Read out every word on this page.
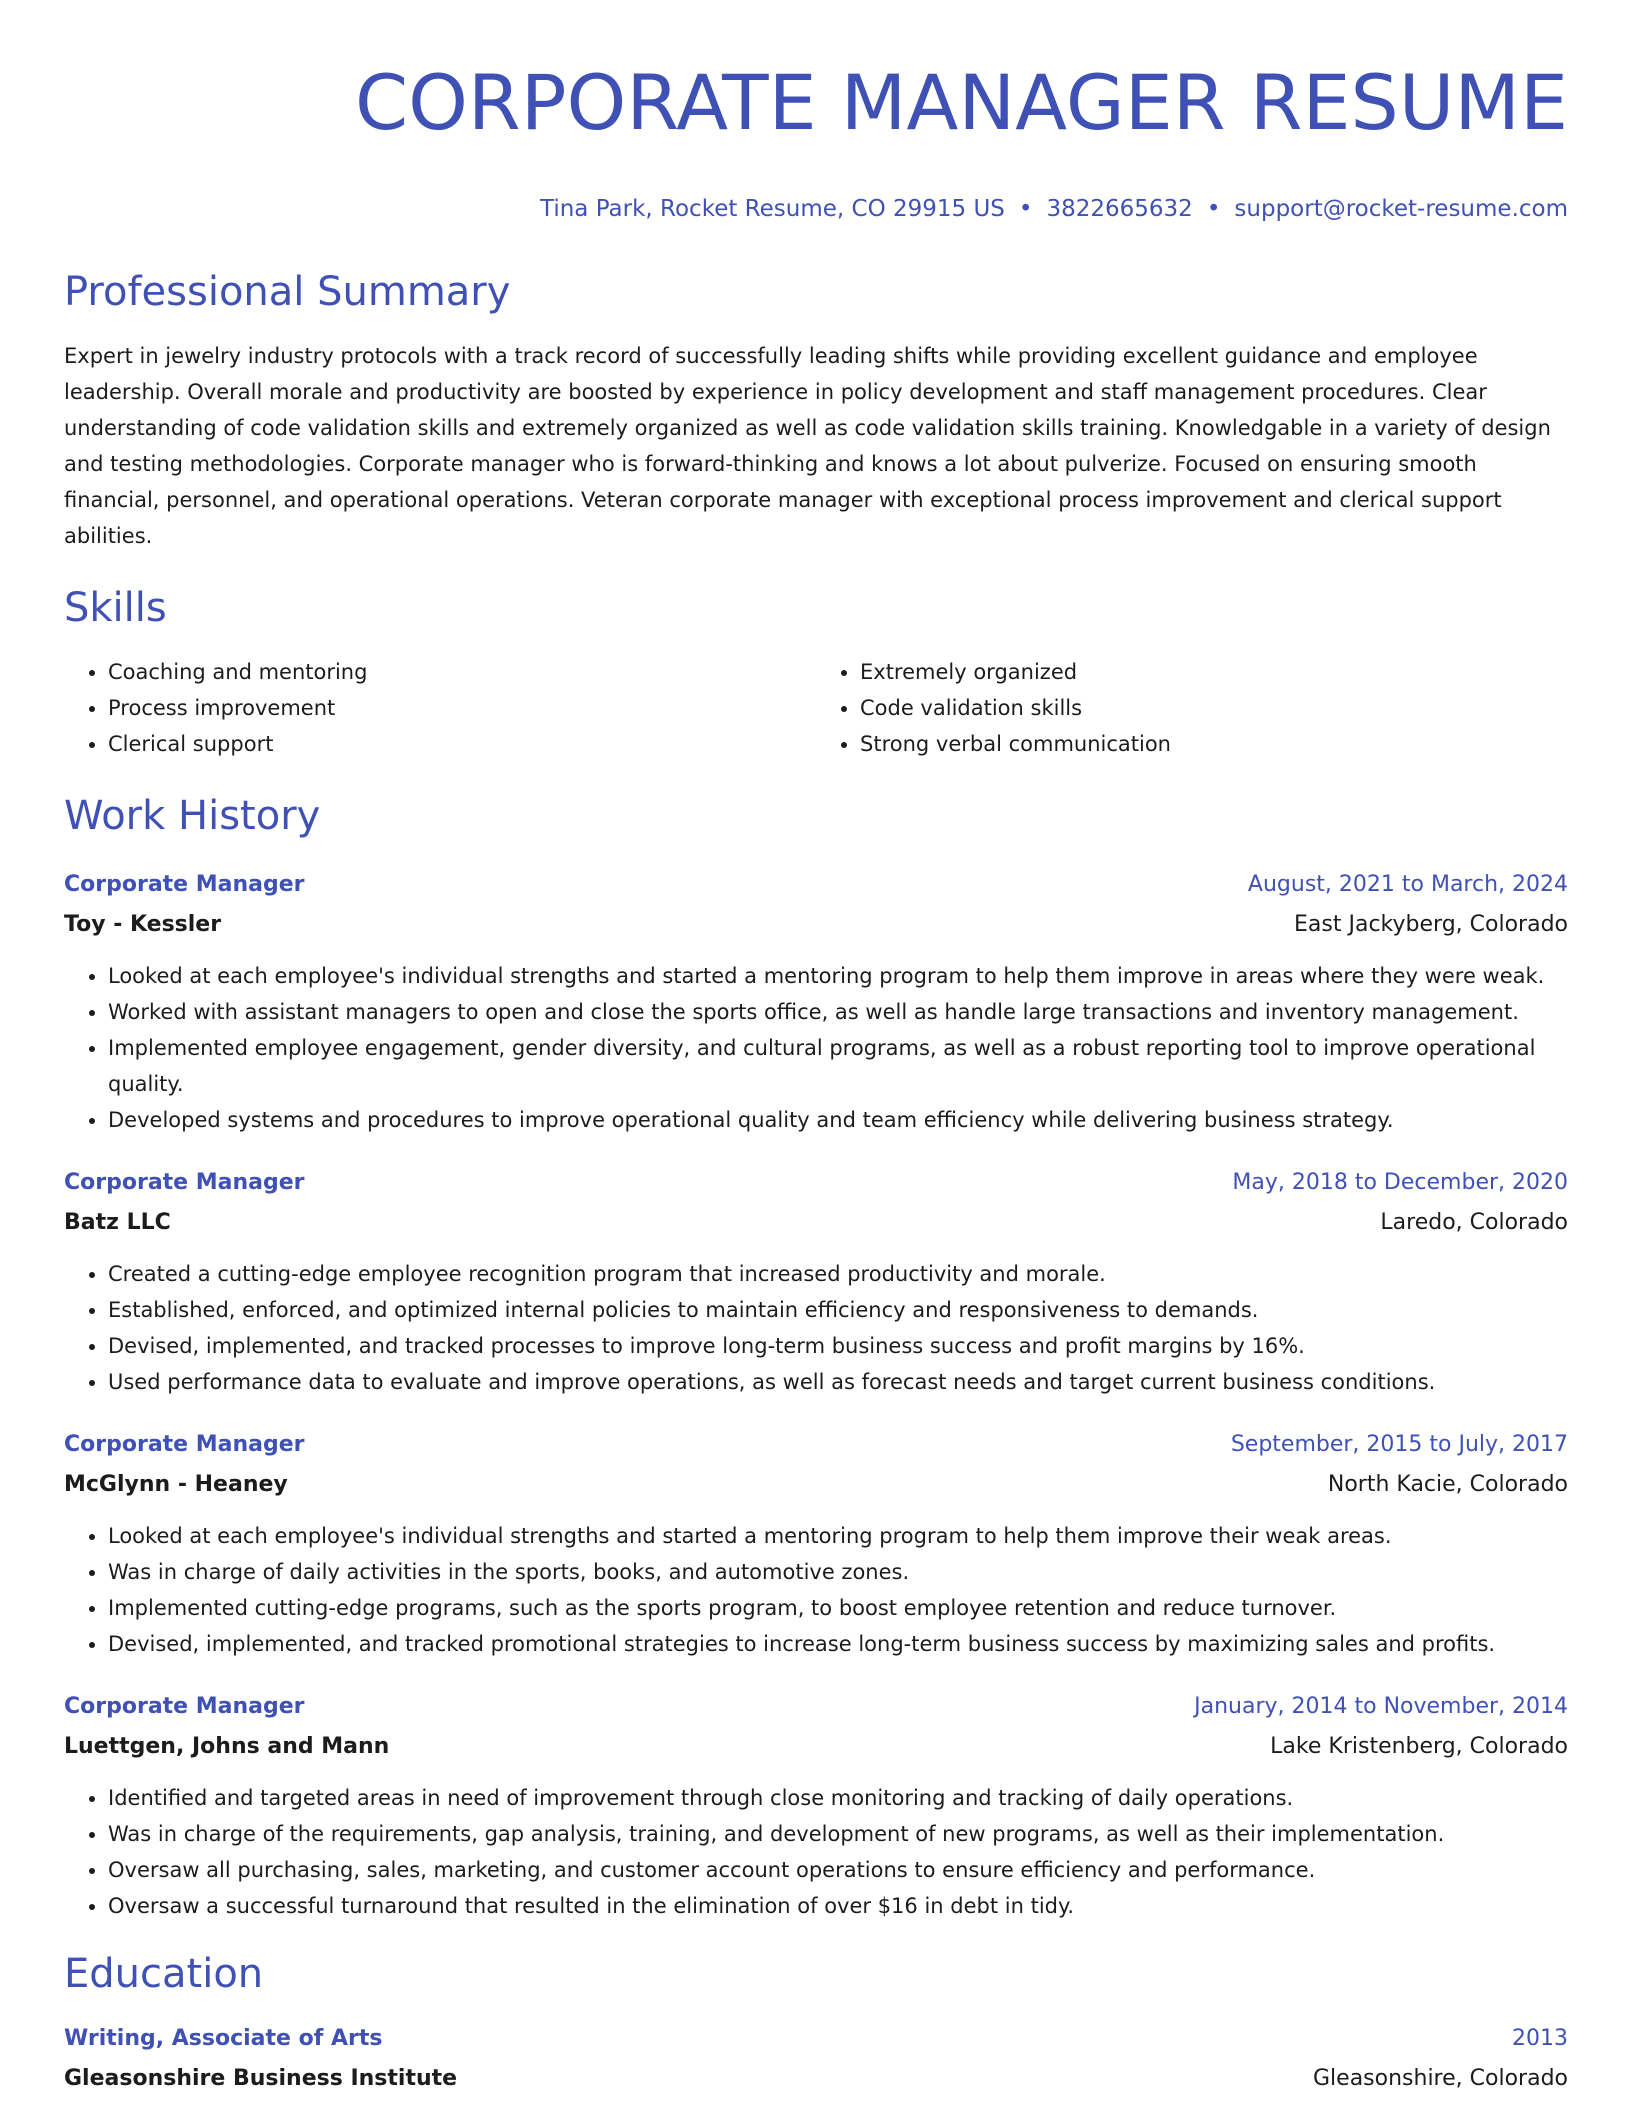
CORPORATE MANAGER RESUME
Tina Park, Rocket Resume, CO 29915 US • 3822665632 • support@rocket-resume.com
Professional Summary
Expert in jewelry industry protocols with a track record of successfully leading shifts while providing excellent guidance and employee leadership. Overall morale and productivity are boosted by experience in policy development and staff management procedures. Clear understanding of code validation skills and extremely organized as well as code validation skills training. Knowledgable in a variety of design and testing methodologies. Corporate manager who is forward-thinking and knows a lot about pulverize. Focused on ensuring smooth financial, personnel, and operational operations. Veteran corporate manager with exceptional process improvement and clerical support abilities.
Skills
• Coaching and mentoring
• Process improvement
• Clerical support
• Extremely organized
• Code validation skills
• Strong verbal communication
Work History
Corporate Manager	August, 2021 to March, 2024
Toy - Kessler	East Jackyberg, Colorado
• Looked at each employee's individual strengths and started a mentoring program to help them improve in areas where they were weak.
• Worked with assistant managers to open and close the sports office, as well as handle large transactions and inventory management.
• Implemented employee engagement, gender diversity, and cultural programs, as well as a robust reporting tool to improve operational quality.
• Developed systems and procedures to improve operational quality and team efficiency while delivering business strategy.
Corporate Manager	May, 2018 to December, 2020
Batz LLC	Laredo, Colorado
• Created a cutting-edge employee recognition program that increased productivity and morale.
• Established, enforced, and optimized internal policies to maintain efficiency and responsiveness to demands.
• Devised, implemented, and tracked processes to improve long-term business success and profit margins by 16%.
• Used performance data to evaluate and improve operations, as well as forecast needs and target current business conditions.
Corporate Manager	September, 2015 to July, 2017
McGlynn - Heaney	North Kacie, Colorado
• Looked at each employee's individual strengths and started a mentoring program to help them improve their weak areas.
• Was in charge of daily activities in the sports, books, and automotive zones.
• Implemented cutting-edge programs, such as the sports program, to boost employee retention and reduce turnover.
• Devised, implemented, and tracked promotional strategies to increase long-term business success by maximizing sales and profits.
Corporate Manager	January, 2014 to November, 2014
Luettgen, Johns and Mann	Lake Kristenberg, Colorado
• Identified and targeted areas in need of improvement through close monitoring and tracking of daily operations.
• Was in charge of the requirements, gap analysis, training, and development of new programs, as well as their implementation.
• Oversaw all purchasing, sales, marketing, and customer account operations to ensure efficiency and performance.
• Oversaw a successful turnaround that resulted in the elimination of over $16 in debt in tidy.
Education
Writing, Associate of Arts	2013
Gleasonshire Business Institute	Gleasonshire, Colorado
